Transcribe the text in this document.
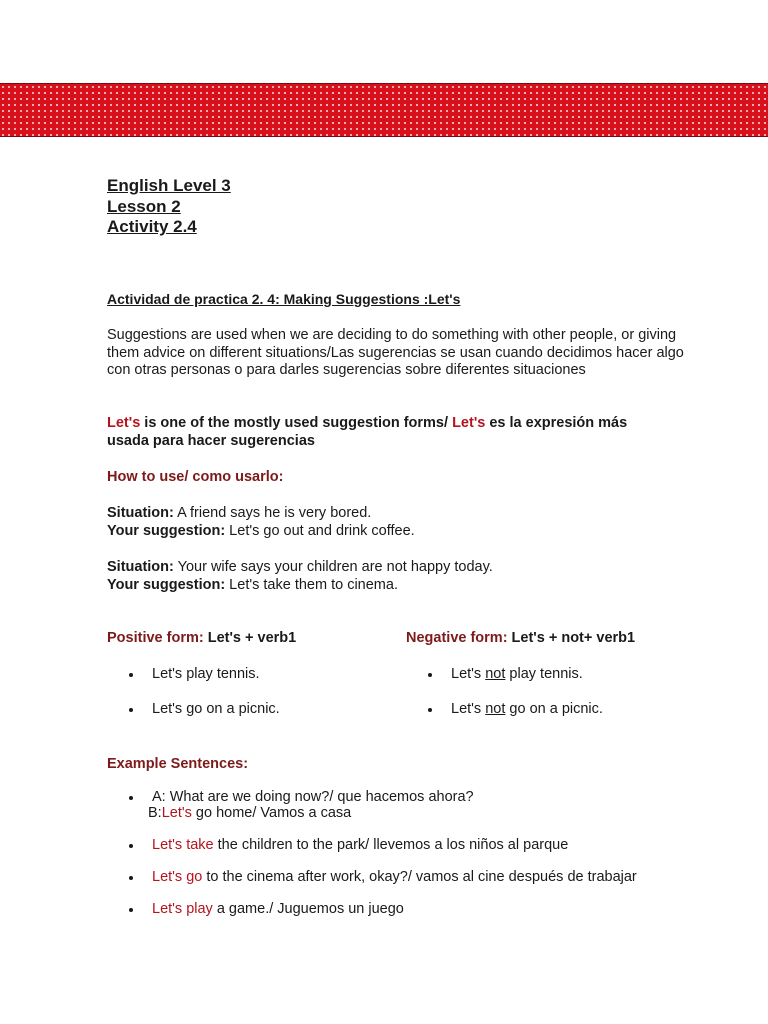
English Level 3
Lesson 2
Activity 2.4
Actividad de practica 2. 4: Making Suggestions :Let's

Suggestions are used when we are deciding to do something with other people, or giving them advice on different situations/Las sugerencias se usan cuando decidimos hacer algo con otras personas o para darles sugerencias sobre diferentes situaciones

Let's is one of the mostly used suggestion forms/ Let's es la expresión más usada para hacer sugerencias

How to use/ como usarlo:
Situation: A friend says he is very bored.
Your suggestion: Let's go out and drink coffee.
Situation: Your wife says your children are not happy today.
Your suggestion: Let's take them to cinema.
Positive form: Let's + verb1	Negative form: Let's + not+ verb1
Let's play tennis.
Let's go on a picnic.
Let's not play tennis.
Let's not go on a picnic.
Example Sentences:
A: What are we doing now?/ que hacemos ahora?
B:Let's go home/ Vamos a casa
Let's take the children to the park/ llevemos a los niños al parque
Let's go to the cinema after work, okay?/ vamos al cine después de trabajar
Let's play a game./ Juguemos un juego
